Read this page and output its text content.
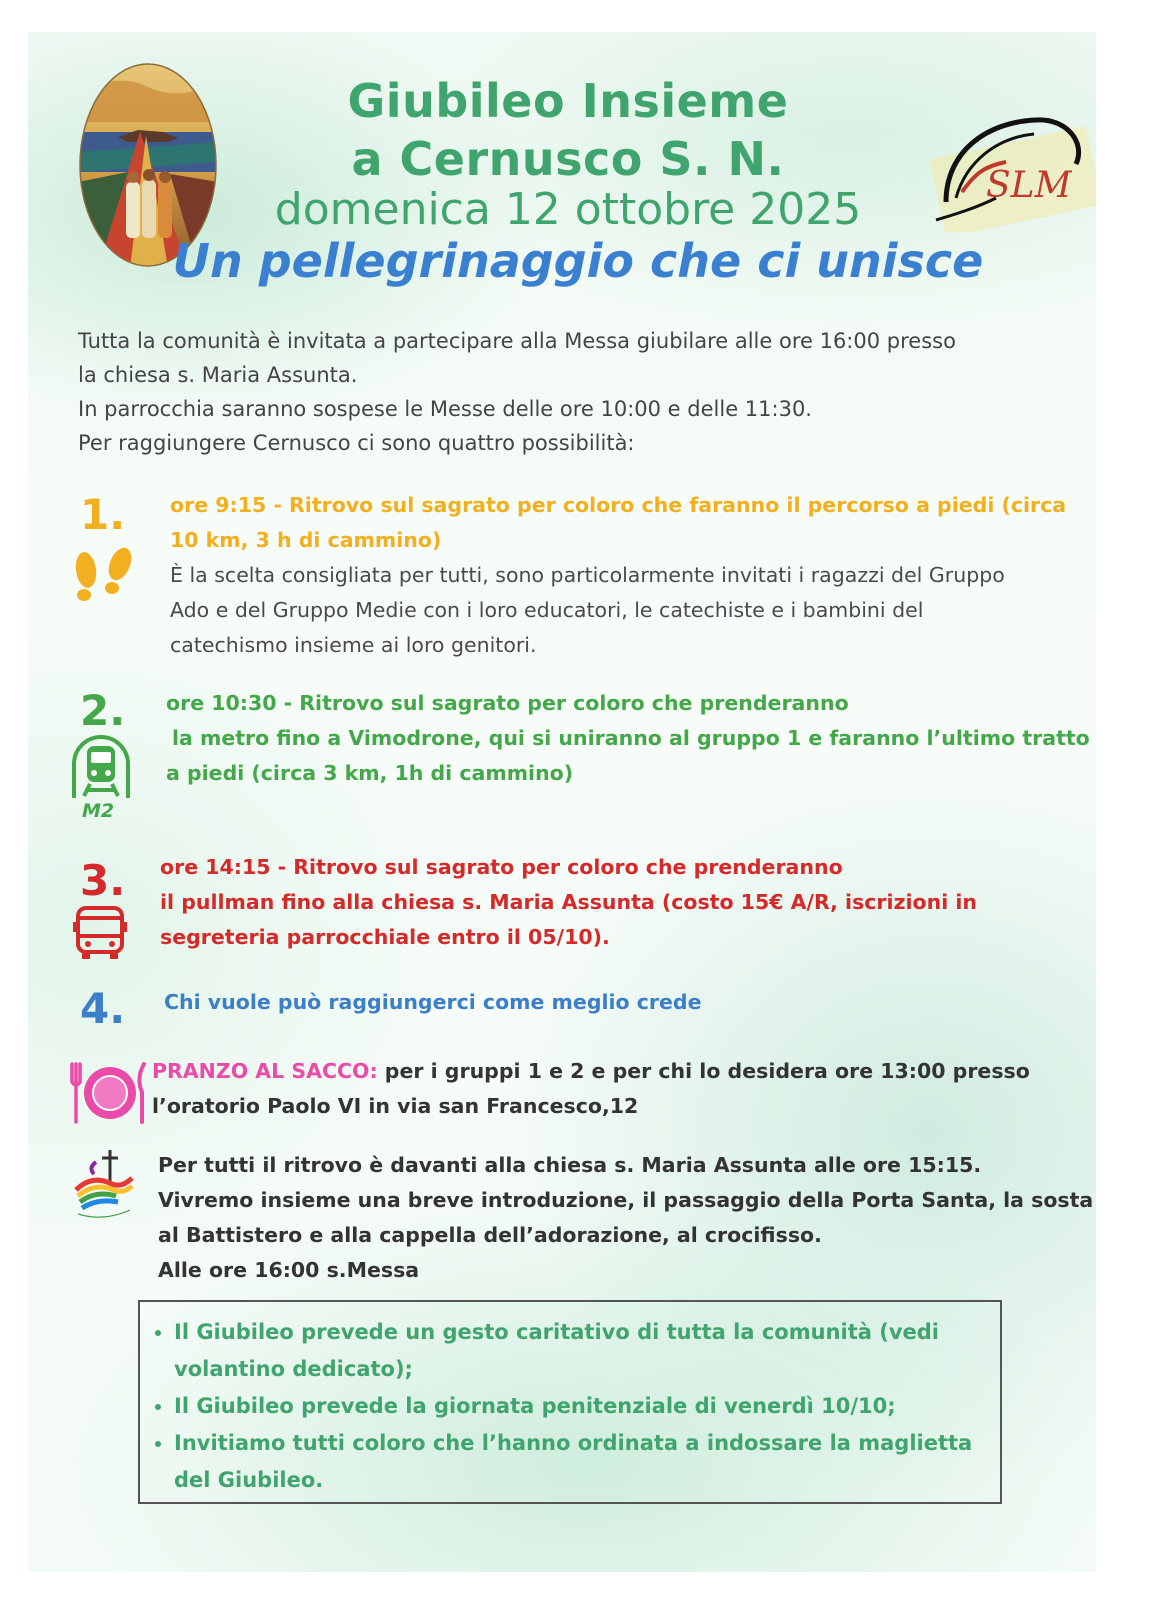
Giubileo Insieme
a Cernusco S. N.
domenica 12 ottobre 2025
Un pellegrinaggio che ci unisce
SLM
Tutta la comunità è invitata a partecipare alla Messa giubilare alle ore 16:00 presso
la chiesa s. Maria Assunta.
In parrocchia saranno sospese le Messe delle ore 10:00 e delle 11:30.
Per raggiungere Cernusco ci sono quattro possibilità:
1. ore 9:15 - Ritrovo sul sagrato per coloro che faranno il percorso a piedi (circa
10 km, 3 h di cammino)
È la scelta consigliata per tutti, sono particolarmente invitati i ragazzi del Gruppo
Ado e del Gruppo Medie con i loro educatori, le catechiste e i bambini del
catechismo insieme ai loro genitori.
2.
M2
ore 10:30 - Ritrovo sul sagrato per coloro che prenderanno
la metro fino a Vimodrone, qui si uniranno al gruppo 1 e faranno l’ultimo tratto
a piedi (circa 3 km, 1h di cammino)
3. ore 14:15 - Ritrovo sul sagrato per coloro che prenderanno
il pullman fino alla chiesa s. Maria Assunta (costo 15€ A/R, iscrizioni in
segreteria parrocchiale entro il 05/10).
4. Chi vuole può raggiungerci come meglio crede
PRANZO AL SACCO: per i gruppi 1 e 2 e per chi lo desidera ore 13:00 presso
l’oratorio Paolo VI in via san Francesco,12
Per tutti il ritrovo è davanti alla chiesa s. Maria Assunta alle ore 15:15.
Vivremo insieme una breve introduzione, il passaggio della Porta Santa, la sosta
al Battistero e alla cappella dell’adorazione, al crocifisso.
Alle ore 16:00 s.Messa
• Il Giubileo prevede un gesto caritativo di tutta la comunità (vedi
volantino dedicato);
• Il Giubileo prevede la giornata penitenziale di venerdì 10/10;
• Invitiamo tutti coloro che l’hanno ordinata a indossare la maglietta
del Giubileo.
